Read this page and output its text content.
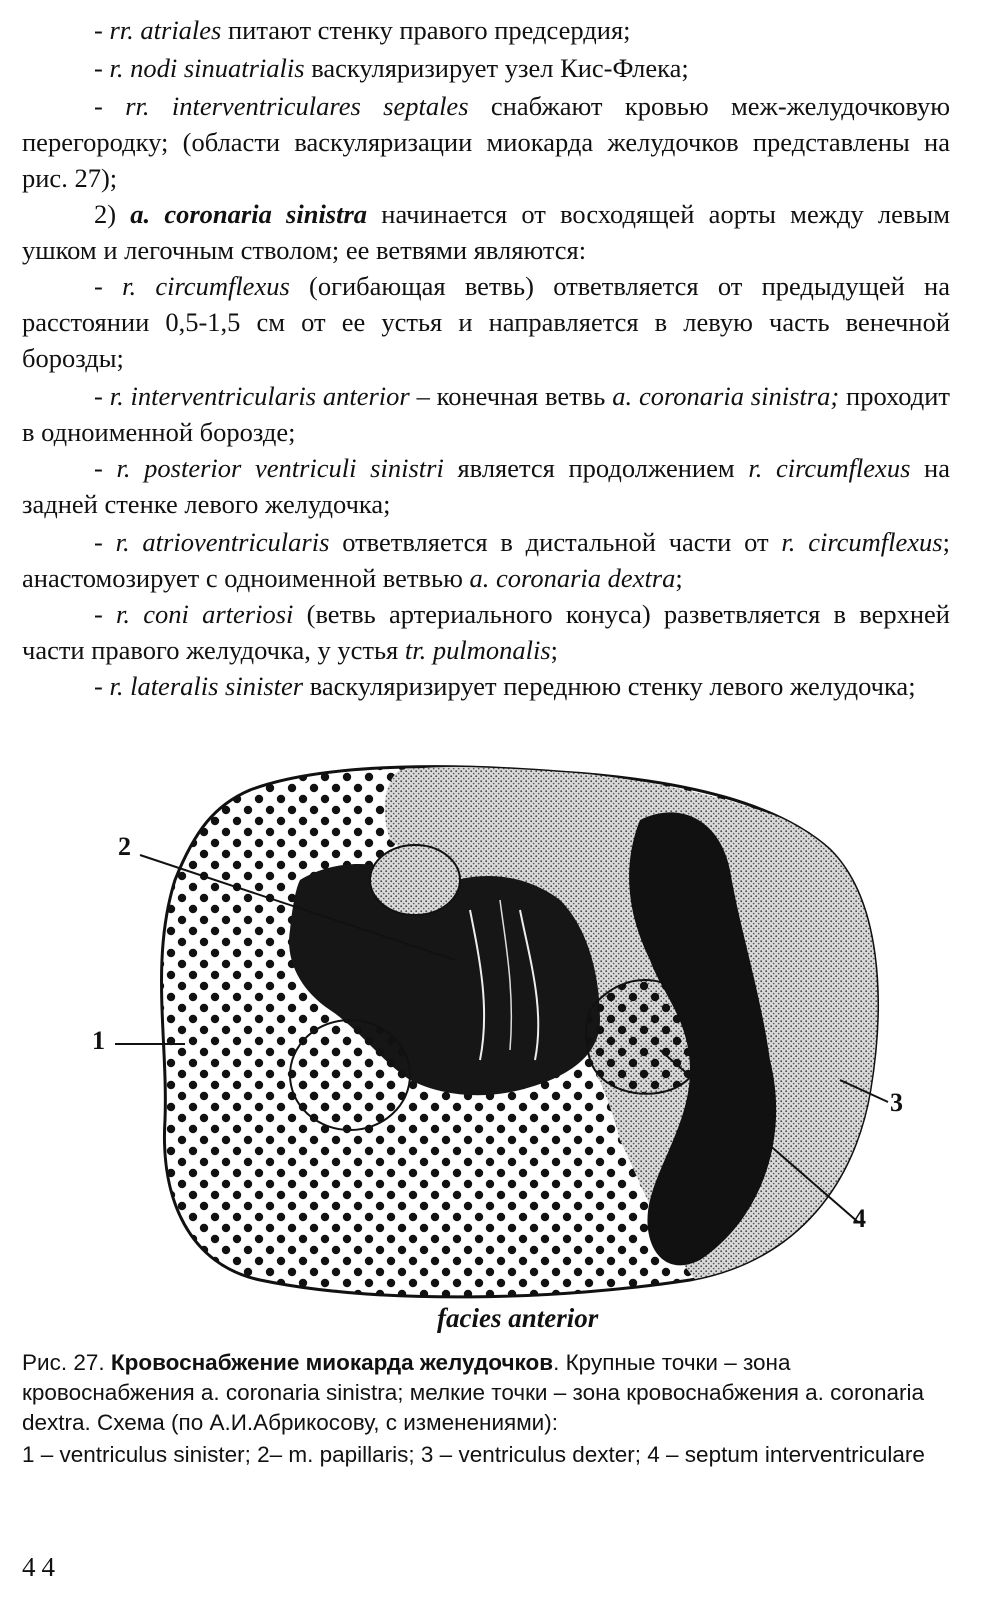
- rr. atriales питают стенку правого предсердия;

- r. nodi sinuatrialis васкуляризирует узел Кис-Флека;

- rr. interventriculares septales снабжают кровью меж-желудочковую перегородку; (области васкуляризации миокарда желудочков представлены на рис. 27);

2) a. coronaria sinistra начинается от восходящей аорты между левым ушком и легочным стволом; ее ветвями являются:

- r. circumflexus (огибающая ветвь) ответвляется от предыдущей на расстоянии 0,5-1,5 см от ее устья и направляется в левую часть венечной борозды;

- r. interventricularis anterior – конечная ветвь a. coronaria sinistra; проходит в одноименной борозде;

- r. posterior ventriculi sinistri является продолжением r. circumflexus на задней стенке левого желудочка;

- r. atrioventricularis ответвляется в дистальной части от r. circumflexus; анастомозирует с одноименной ветвью a. coronaria dextra;

- r. coni arteriosi (ветвь артериального конуса) разветвляется в верхней части правого желудочка, у устья tr. pulmonalis;

- r. lateralis sinister васкуляризирует переднюю стенку левого желудочка;

2
1
3
4
facies anterior

Рис. 27. Кровоснабжение миокарда желудочков. Крупные точки – зона кровоснабжения a. coronaria sinistra; мелкие точки – зона кровоснабжения a. coronaria dextra. Схема (по А.И.Абрикосову, с изменениями):

1 – ventriculus sinister; 2– m. papillaris; 3 – ventriculus dexter; 4 – septum interventriculare

44
